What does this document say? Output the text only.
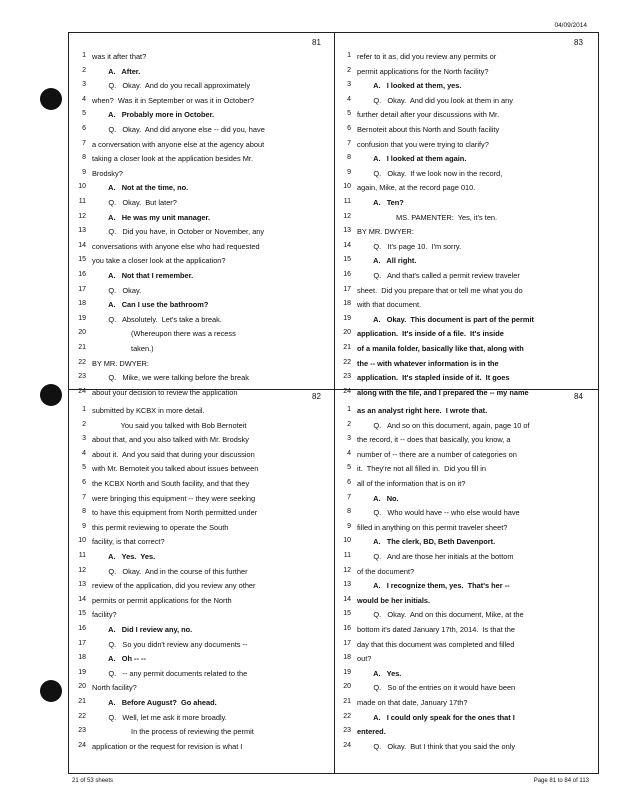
04/09/2014
81
1 was it after that?
2 A.   After.
3 Q.   Okay.  And do you recall approximately
4 when?  Was it in September or was it in October?
5 A.   Probably more in October.
6 Q.   Okay.  And did anyone else -- did you, have
7 a conversation with anyone else at the agency about
8 taking a closer look at the application besides Mr.
9 Brodsky?
10 A.   Not at the time, no.
11 Q.   Okay.  But later?
12 A.   He was my unit manager.
13 Q.   Did you have, in October or November, any
14 conversations with anyone else who had requested
15 you take a closer look at the application?
16 A.   Not that I remember.
17 Q.   Okay.
18 A.   Can I use the bathroom?
19 Q.   Absolutely.  Let's take a break.
20 (Whereupon there was a recess
21 taken.)
22 BY MR. DWYER:
23 Q.   Mike, we were talking before the break
24 about your decision to review the application
83
1 refer to it as, did you review any permits or
2 permit applications for the North facility?
3 A.   I looked at them, yes.
4 Q.   Okay.  And did you look at them in any
5 further detail after your discussions with Mr.
6 Bernoteit about this North and South facility
7 confusion that you were trying to clarify?
8 A.   I looked at them again.
9 Q.   Okay.  If we look now in the record,
10 again, Mike, at the record page 010.
11 A.   Ten?
12 MS. PAMENTER:  Yes, it's ten.
13 BY MR. DWYER:
14 Q.   It's page 10.  I'm sorry.
15 A.   All right.
16 Q.   And that's called a permit review traveler
17 sheet.  Did you prepare that or tell me what you do
18 with that document.
19 A.   Okay.  This document is part of the permit
20 application.  It's inside of a file.  It's inside
21 of a manila folder, basically like that, along with
22 the -- with whatever information is in the
23 application.  It's stapled inside of it.  It goes
24 along with the file, and I prepared the -- my name
82
1 submitted by KCBX in more detail.
2 You said you talked with Bob Bernoteit
3 about that, and you also talked with Mr. Brodsky
4 about it.  And you said that during your discussion
5 with Mr. Bernoteit you talked about issues between
6 the KCBX North and South facility, and that they
7 were bringing this equipment -- they were seeking
8 to have this equipment from North permitted under
9 this permit reviewing to operate the South
10 facility, is that correct?
11 A.   Yes.  Yes.
12 Q.   Okay.  And in the course of this further
13 review of the application, did you review any other
14 permits or permit applications for the North
15 facility?
16 A.   Did I review any, no.
17 Q.   So you didn't review any documents --
18 A.   Oh -- --
19 Q.   -- any permit documents related to the
20 North facility?
21 A.   Before August?  Go ahead.
22 Q.   Well, let me ask it more broadly.
23 In the process of reviewing the permit
24 application or the request for revision is what I
84
1 as an analyst right here.  I wrote that.
2 Q.   And so on this document, again, page 10 of
3 the record, it -- does that basically, you know, a
4 number of -- there are a number of categories on
5 it.  They're not all filled in.  Did you fill in
6 all of the information that is on it?
7 A.   No.
8 Q.   Who would have -- who else would have
9 filled in anything on this permit traveler sheet?
10 A.   The clerk, BD, Beth Davenport.
11 Q.   And are those her initials at the bottom
12 of the document?
13 A.   I recognize them, yes.  That's her --
14 would be her initials.
15 Q.   Okay.  And on this document, Mike, at the
16 bottom it's dated January 17th, 2014.  Is that the
17 day that this document was completed and filled
18 out?
19 A.   Yes.
20 Q.   So of the entries on it would have been
21 made on that date, January 17th?
22 A.   I could only speak for the ones that I
23 entered.
24 Q.   Okay.  But I think that you said the only
21 of 53 sheets	Page 81 to 84 of 113
